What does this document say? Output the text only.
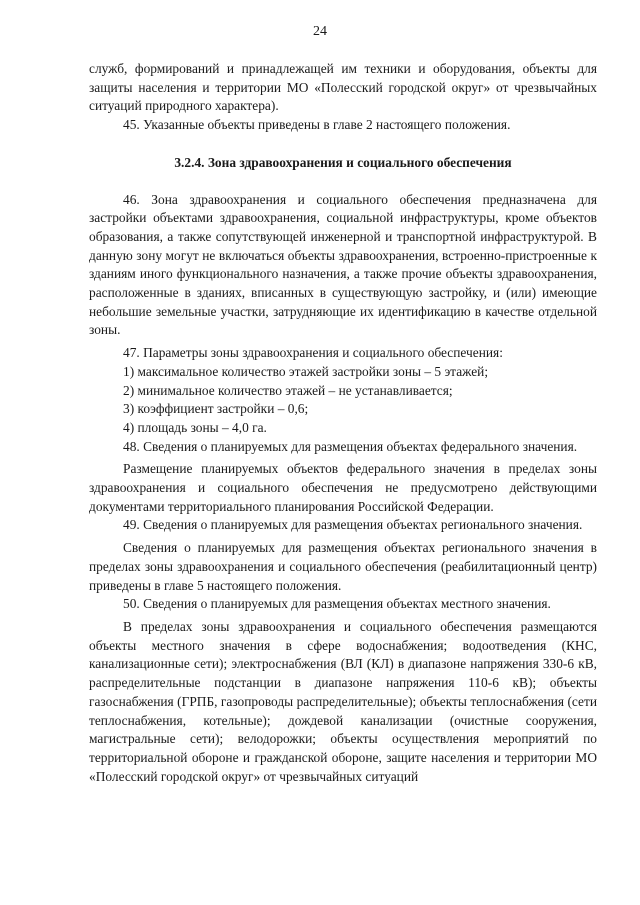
24

служб, формирований и принадлежащей им техники и оборудования, объекты для защиты населения и территории МО «Полесский городской округ» от чрезвычайных ситуаций природного характера).

45. Указанные объекты приведены в главе 2 настоящего положения.

3.2.4. Зона здравоохранения и социального обеспечения

46. Зона здравоохранения и социального обеспечения предназначена для застройки объектами здравоохранения, социальной инфраструктуры, кроме объектов образования, а также сопутствующей инженерной и транспортной инфраструктурой. В данную зону могут не включаться объекты здравоохранения, встроенно-пристроенные к зданиям иного функционального назначения, а также прочие объекты здравоохранения, расположенные в зданиях, вписанных в существующую застройку, и (или) имеющие небольшие земельные участки, затрудняющие их идентификацию в качестве отдельной зоны.

47. Параметры зоны здравоохранения и социального обеспечения:

1) максимальное количество этажей застройки зоны – 5 этажей;

2) минимальное количество этажей – не устанавливается;

3) коэффициент застройки – 0,6;

4) площадь зоны – 4,0 га.

48. Сведения о планируемых для размещения объектах федерального значения.

Размещение планируемых объектов федерального значения в пределах зоны здравоохранения и социального обеспечения не предусмотрено действующими документами территориального планирования Российской Федерации.

49. Сведения о планируемых для размещения объектах регионального значения.

Сведения о планируемых для размещения объектах регионального значения в пределах зоны здравоохранения и социального обеспечения (реабилитационный центр) приведены в главе 5 настоящего положения.

50. Сведения о планируемых для размещения объектах местного значения.

В пределах зоны здравоохранения и социального обеспечения размещаются объекты местного значения в сфере водоснабжения; водоотведения (КНС, канализационные сети); электроснабжения (ВЛ (КЛ) в диапазоне напряжения 330-6 кВ, распределительные подстанции в диапазоне напряжения 110-6 кВ); объекты газоснабжения (ГРПБ, газопроводы распределительные); объекты теплоснабжения (сети теплоснабжения, котельные); дождевой канализации (очистные сооружения, магистральные сети); велодорожки; объекты осуществления мероприятий по территориальной обороне и гражданской обороне, защите населения и территории МО «Полесский городской округ» от чрезвычайных ситуаций
